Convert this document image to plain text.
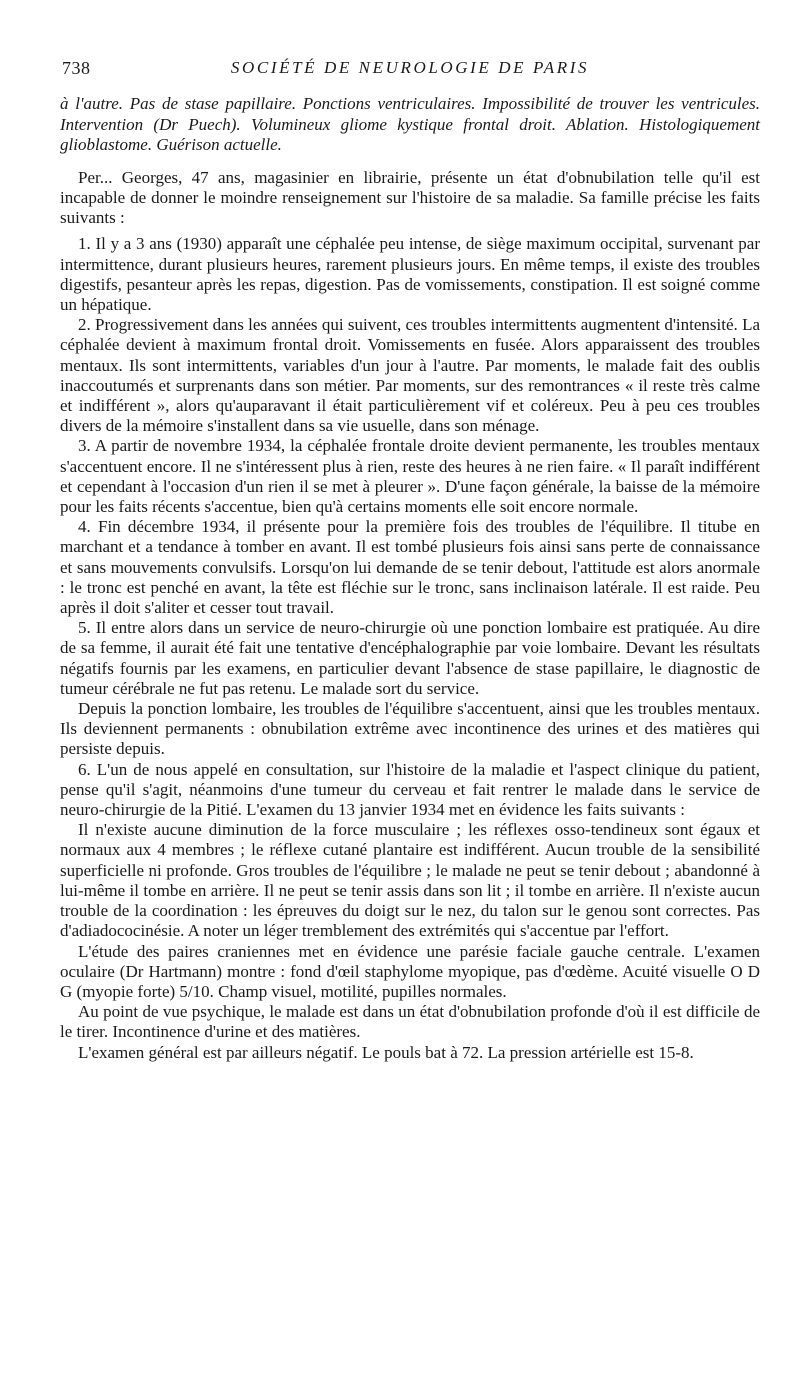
738	SOCIÉTÉ DE NEUROLOGIE DE PARIS

à l'autre. Pas de stase papillaire. Ponctions ventriculaires. Impossibilité de trouver les ventricules. Intervention (Dr Puech). Volumineux gliome kystique frontal droit. Ablation. Histologiquement glioblastome. Guérison actuelle.

Per... Georges, 47 ans, magasinier en librairie, présente un état d'obnubilation telle qu'il est incapable de donner le moindre renseignement sur l'histoire de sa maladie. Sa famille précise les faits suivants :

1. Il y a 3 ans (1930) apparaît une céphalée peu intense, de siège maximum occipital, survenant par intermittence, durant plusieurs heures, rarement plusieurs jours. En même temps, il existe des troubles digestifs, pesanteur après les repas, digestion. Pas de vomissements, constipation. Il est soigné comme un hépatique.

2. Progressivement dans les années qui suivent, ces troubles intermittents augmentent d'intensité. La céphalée devient à maximum frontal droit. Vomissements en fusée. Alors apparaissent des troubles mentaux. Ils sont intermittents, variables d'un jour à l'autre. Par moments, le malade fait des oublis inaccoutumés et surprenants dans son métier. Par moments, sur des remontrances « il reste très calme et indifférent », alors qu'auparavant il était particulièrement vif et coléreux. Peu à peu ces troubles divers de la mémoire s'installent dans sa vie usuelle, dans son ménage.

3. A partir de novembre 1934, la céphalée frontale droite devient permanente, les troubles mentaux s'accentuent encore. Il ne s'intéressent plus à rien, reste des heures à ne rien faire. « Il paraît indifférent et cependant à l'occasion d'un rien il se met à pleurer ». D'une façon générale, la baisse de la mémoire pour les faits récents s'accentue, bien qu'à certains moments elle soit encore normale.

4. Fin décembre 1934, il présente pour la première fois des troubles de l'équilibre. Il titube en marchant et a tendance à tomber en avant. Il est tombé plusieurs fois ainsi sans perte de connaissance et sans mouvements convulsifs. Lorsqu'on lui demande de se tenir debout, l'attitude est alors anormale : le tronc est penché en avant, la tête est fléchie sur le tronc, sans inclinaison latérale. Il est raide. Peu après il doit s'aliter et cesser tout travail.

5. Il entre alors dans un service de neuro-chirurgie où une ponction lombaire est pratiquée. Au dire de sa femme, il aurait été fait une tentative d'encéphalographie par voie lombaire. Devant les résultats négatifs fournis par les examens, en particulier devant l'absence de stase papillaire, le diagnostic de tumeur cérébrale ne fut pas retenu. Le malade sort du service.

Depuis la ponction lombaire, les troubles de l'équilibre s'accentuent, ainsi que les troubles mentaux. Ils deviennent permanents : obnubilation extrême avec incontinence des urines et des matières qui persiste depuis.

6. L'un de nous appelé en consultation, sur l'histoire de la maladie et l'aspect clinique du patient, pense qu'il s'agit, néanmoins d'une tumeur du cerveau et fait rentrer le malade dans le service de neuro-chirurgie de la Pitié. L'examen du 13 janvier 1934 met en évidence les faits suivants :

Il n'existe aucune diminution de la force musculaire ; les réflexes osso-tendineux sont égaux et normaux aux 4 membres ; le réflexe cutané plantaire est indifférent. Aucun trouble de la sensibilité superficielle ni profonde. Gros troubles de l'équilibre ; le malade ne peut se tenir debout ; abandonné à lui-même il tombe en arrière. Il ne peut se tenir assis dans son lit ; il tombe en arrière. Il n'existe aucun trouble de la coordination : les épreuves du doigt sur le nez, du talon sur le genou sont correctes. Pas d'adiadococinésie. A noter un léger tremblement des extrémités qui s'accentue par l'effort.

L'étude des paires craniennes met en évidence une parésie faciale gauche centrale. L'examen oculaire (Dr Hartmann) montre : fond d'œil staphylome myopique, pas d'œdème. Acuité visuelle O D G (myopie forte) 5/10. Champ visuel, motilité, pupilles normales.

Au point de vue psychique, le malade est dans un état d'obnubilation profonde d'où il est difficile de le tirer. Incontinence d'urine et des matières.

L'examen général est par ailleurs négatif. Le pouls bat à 72. La pression artérielle est 15-8.
